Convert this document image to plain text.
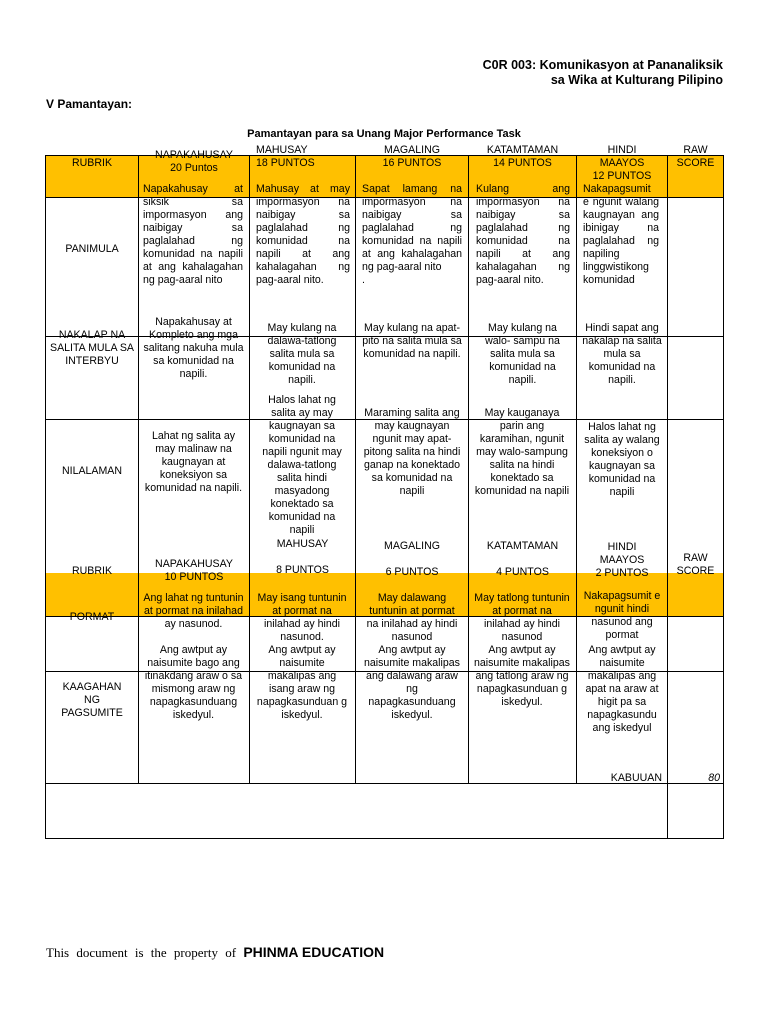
C0R 003: Komunikasyon at Pananaliksik
sa Wika at Kulturang Pilipino
V Pamantayan:
Pamantayan para sa Unang Major Performance Task
RUBRIK
NAPAKAHUSAY
20 Puntos
MAHUSAY
18 PUNTOS
MAGALING
16 PUNTOS
KATAMTAMAN
14 PUNTOS
HINDI
MAAYOS
12 PUNTOS
RAW
SCORE
PANIMULA
Napakahusay at siksik sa impormasyon ang naibigay sa paglalahad ng komunidad na napili at ang kahalagahan ng pag-aaral nito
Mahusay at may impormasyon na naibigay sa paglalahad ng komunidad na napili at ang kahalagahan ng pag-aaral nito.
Sapat lamang na impormasyon na naibigay sa paglalahad ng komunidad na napili at ang kahalagahan ng pag-aaral nito
.
Kulang ang impormasyon na naibigay sa paglalahad ng komunidad na napili at ang kahalagahan ng pag-aaral nito.
Nakapagsumit e ngunit walang kaugnayan ang ibinigay na paglalahad ng napiling linggwistikong komunidad
NAKALAP NA SALITA MULA SA INTERBYU
Napakahusay at Kompleto ang mga salitang nakuha mula sa komunidad na napili.
May kulang na dalawa-tatlong salita mula sa komunidad na napili.
May kulang na apat-pito na salita mula sa komunidad na napili.
May kulang na walo- sampu na salita mula sa komunidad na napili.
Hindi sapat ang nakalap na salita mula sa komunidad na napili.
NILALAMAN
Lahat ng salita ay may malinaw na kaugnayan at koneksiyon sa komunidad na napili.
Halos lahat ng salita ay may kaugnayan sa komunidad na napili ngunit may dalawa-tatlong salita hindi masyadong konektado sa komunidad na napili
Maraming salita ang may kaugnayan ngunit may apat-pitong salita na hindi ganap na konektado sa komunidad na napili
May kauganaya parin ang karamihan, ngunit may walo-sampung salita na hindi konektado sa komunidad na napili
Halos lahat ng salita ay walang koneksiyon o kaugnayan sa komunidad na napili
RUBRIK
NAPAKAHUSAY
10 PUNTOS
MAHUSAY

8 PUNTOS
MAGALING

6 PUNTOS
KATAMTAMAN

4 PUNTOS
HINDI
MAAYOS
2 PUNTOS
RAW
SCORE
PORMAT
Ang lahat ng tuntunin at pormat na inilahad ay nasunod.
May isang tuntunin at pormat na inilahad ay hindi nasunod.
May dalawang tuntunin at pormat na inilahad ay hindi nasunod
May tatlong tuntunin at pormat na inilahad ay hindi nasunod
Nakapagsumit e ngunit hindi nasunod ang pormat
KAAGAHAN NG PAGSUMITE
Ang awtput ay naisumite bago ang itinakdang araw o sa mismong araw ng napagkasunduang iskedyul.
Ang awtput ay naisumite makalipas ang isang araw ng napagkasunduan g iskedyul.
Ang awtput ay naisumite makalipas ang dalawang araw ng napagkasunduang iskedyul.
Ang awtput ay naisumite makalipas ang tatlong araw ng napagkasunduan g iskedyul.
Ang awtput ay naisumite makalipas ang apat na araw at higit pa sa napagkasundu ang iskedyul
KABUUAN	80
This document is the property of PHINMA EDUCATION
